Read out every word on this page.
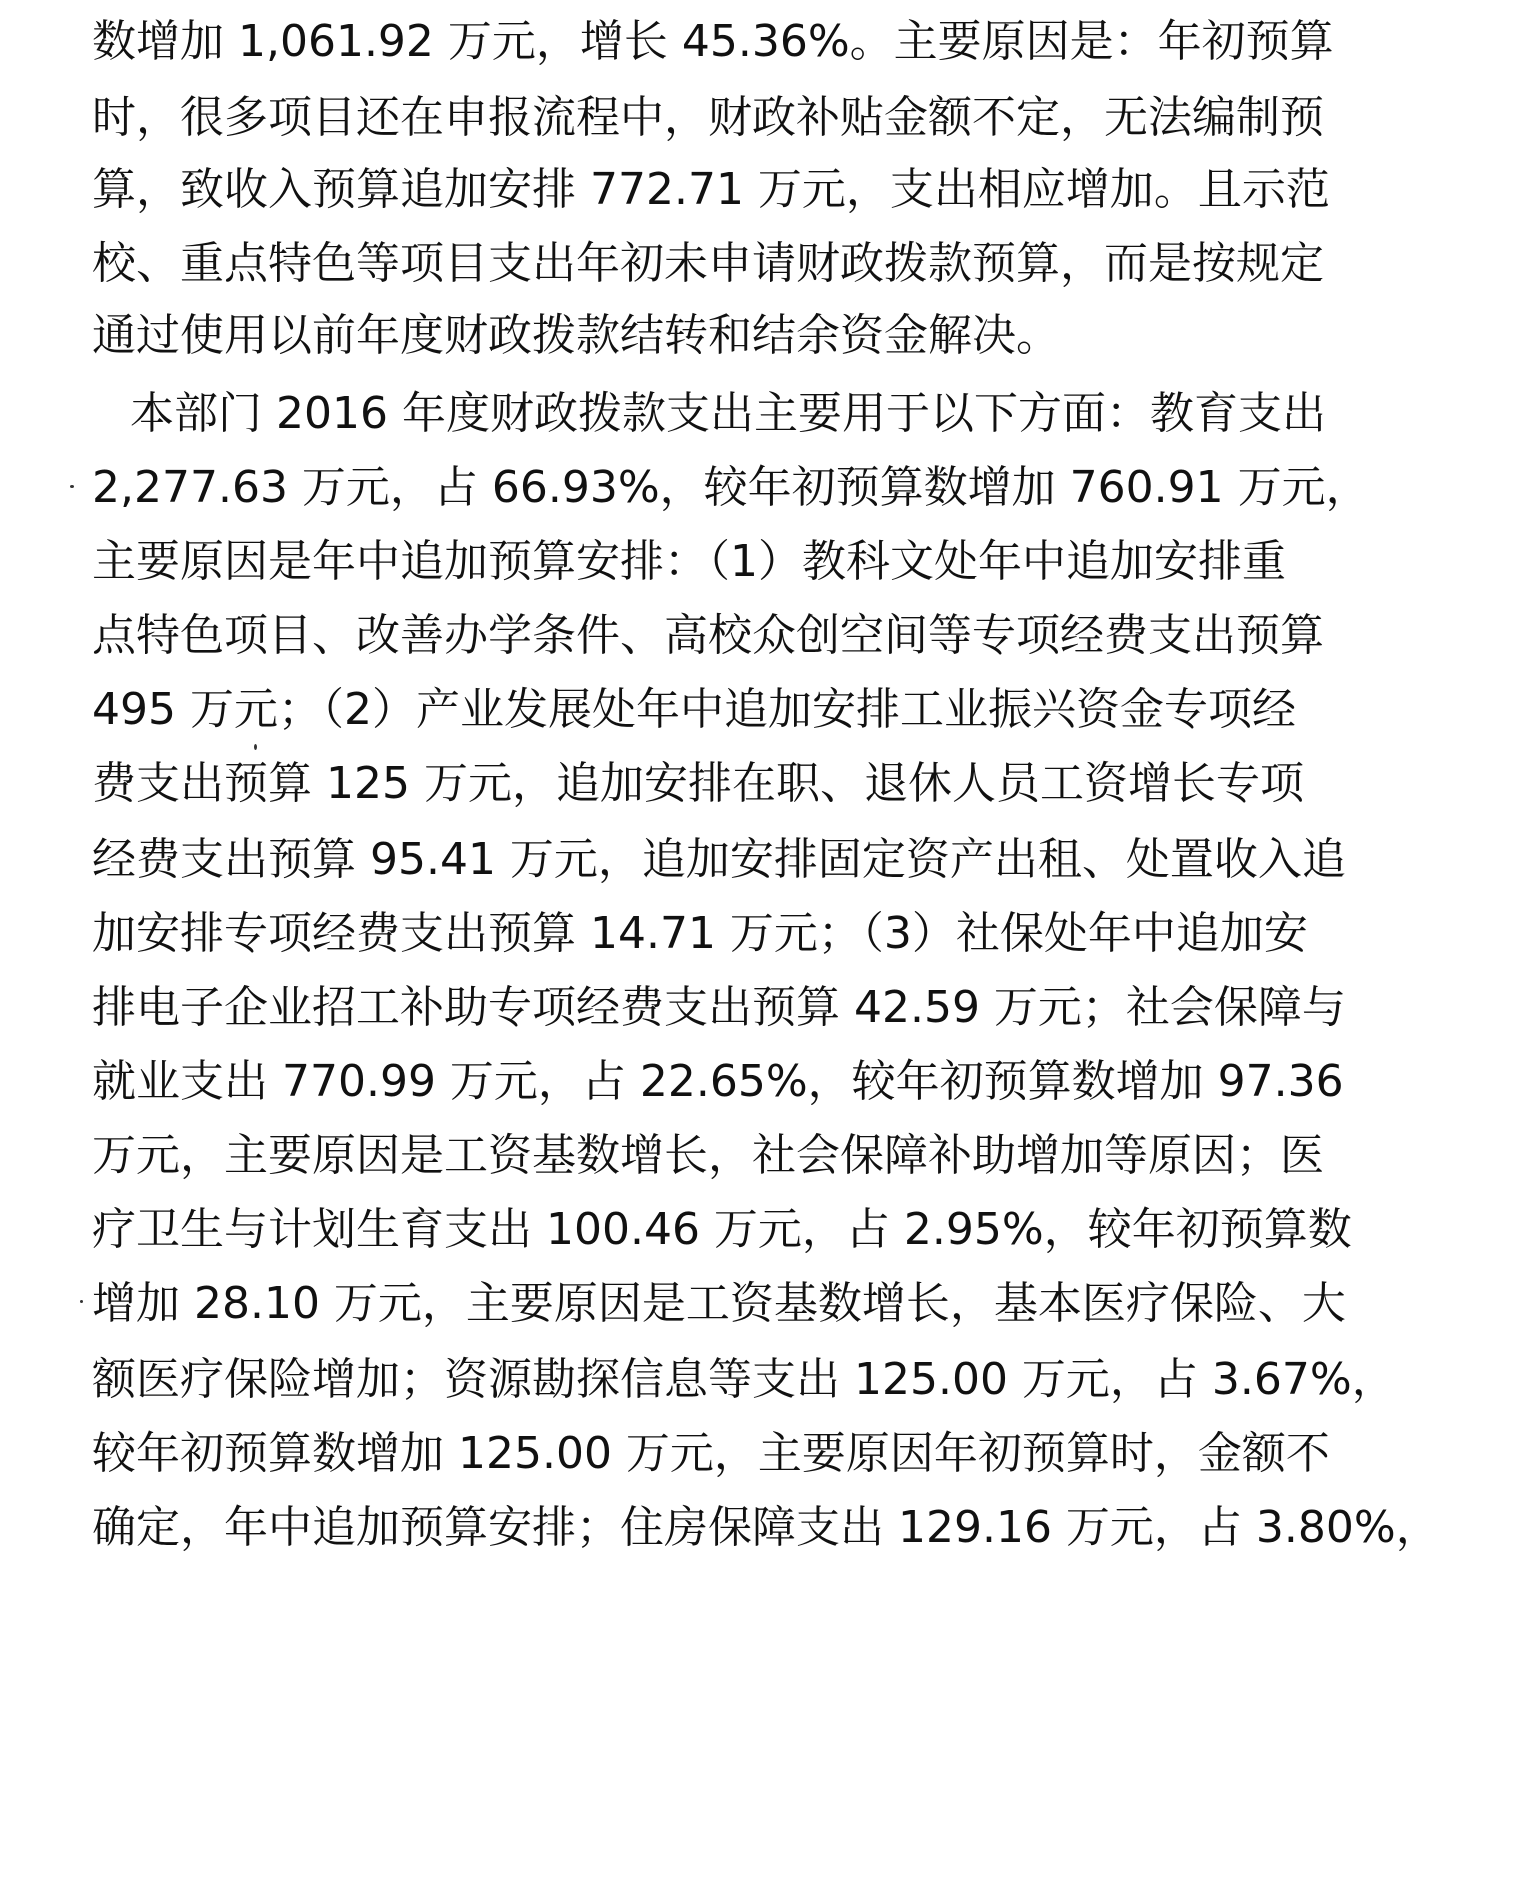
数增加 1,061.92 万元，增长 45.36%。主要原因是：年初预算

时，很多项目还在申报流程中，财政补贴金额不定，无法编制预

算，致收入预算追加安排 772.71 万元，支出相应增加。且示范

校、重点特色等项目支出年初未申请财政拨款预算，而是按规定

通过使用以前年度财政拨款结转和结余资金解决。

本部门 2016 年度财政拨款支出主要用于以下方面：教育支出

2,277.63 万元，占 66.93%，较年初预算数增加 760.91 万元，

主要原因是年中追加预算安排：（1）教科文处年中追加安排重

点特色项目、改善办学条件、高校众创空间等专项经费支出预算

495 万元；（2）产业发展处年中追加安排工业振兴资金专项经

费支出预算 125 万元，追加安排在职、退休人员工资增长专项

经费支出预算 95.41 万元，追加安排固定资产出租、处置收入追

加安排专项经费支出预算 14.71 万元；（3）社保处年中追加安

排电子企业招工补助专项经费支出预算 42.59 万元；社会保障与

就业支出 770.99 万元，占 22.65%，较年初预算数增加 97.36

万元，主要原因是工资基数增长，社会保障补助增加等原因；医

疗卫生与计划生育支出 100.46 万元，占 2.95%，较年初预算数

增加 28.10 万元，主要原因是工资基数增长，基本医疗保险、大

额医疗保险增加；资源勘探信息等支出 125.00 万元，占 3.67%，

较年初预算数增加 125.00 万元，主要原因年初预算时，金额不

确定，年中追加预算安排；住房保障支出 129.16 万元，占 3.80%，
